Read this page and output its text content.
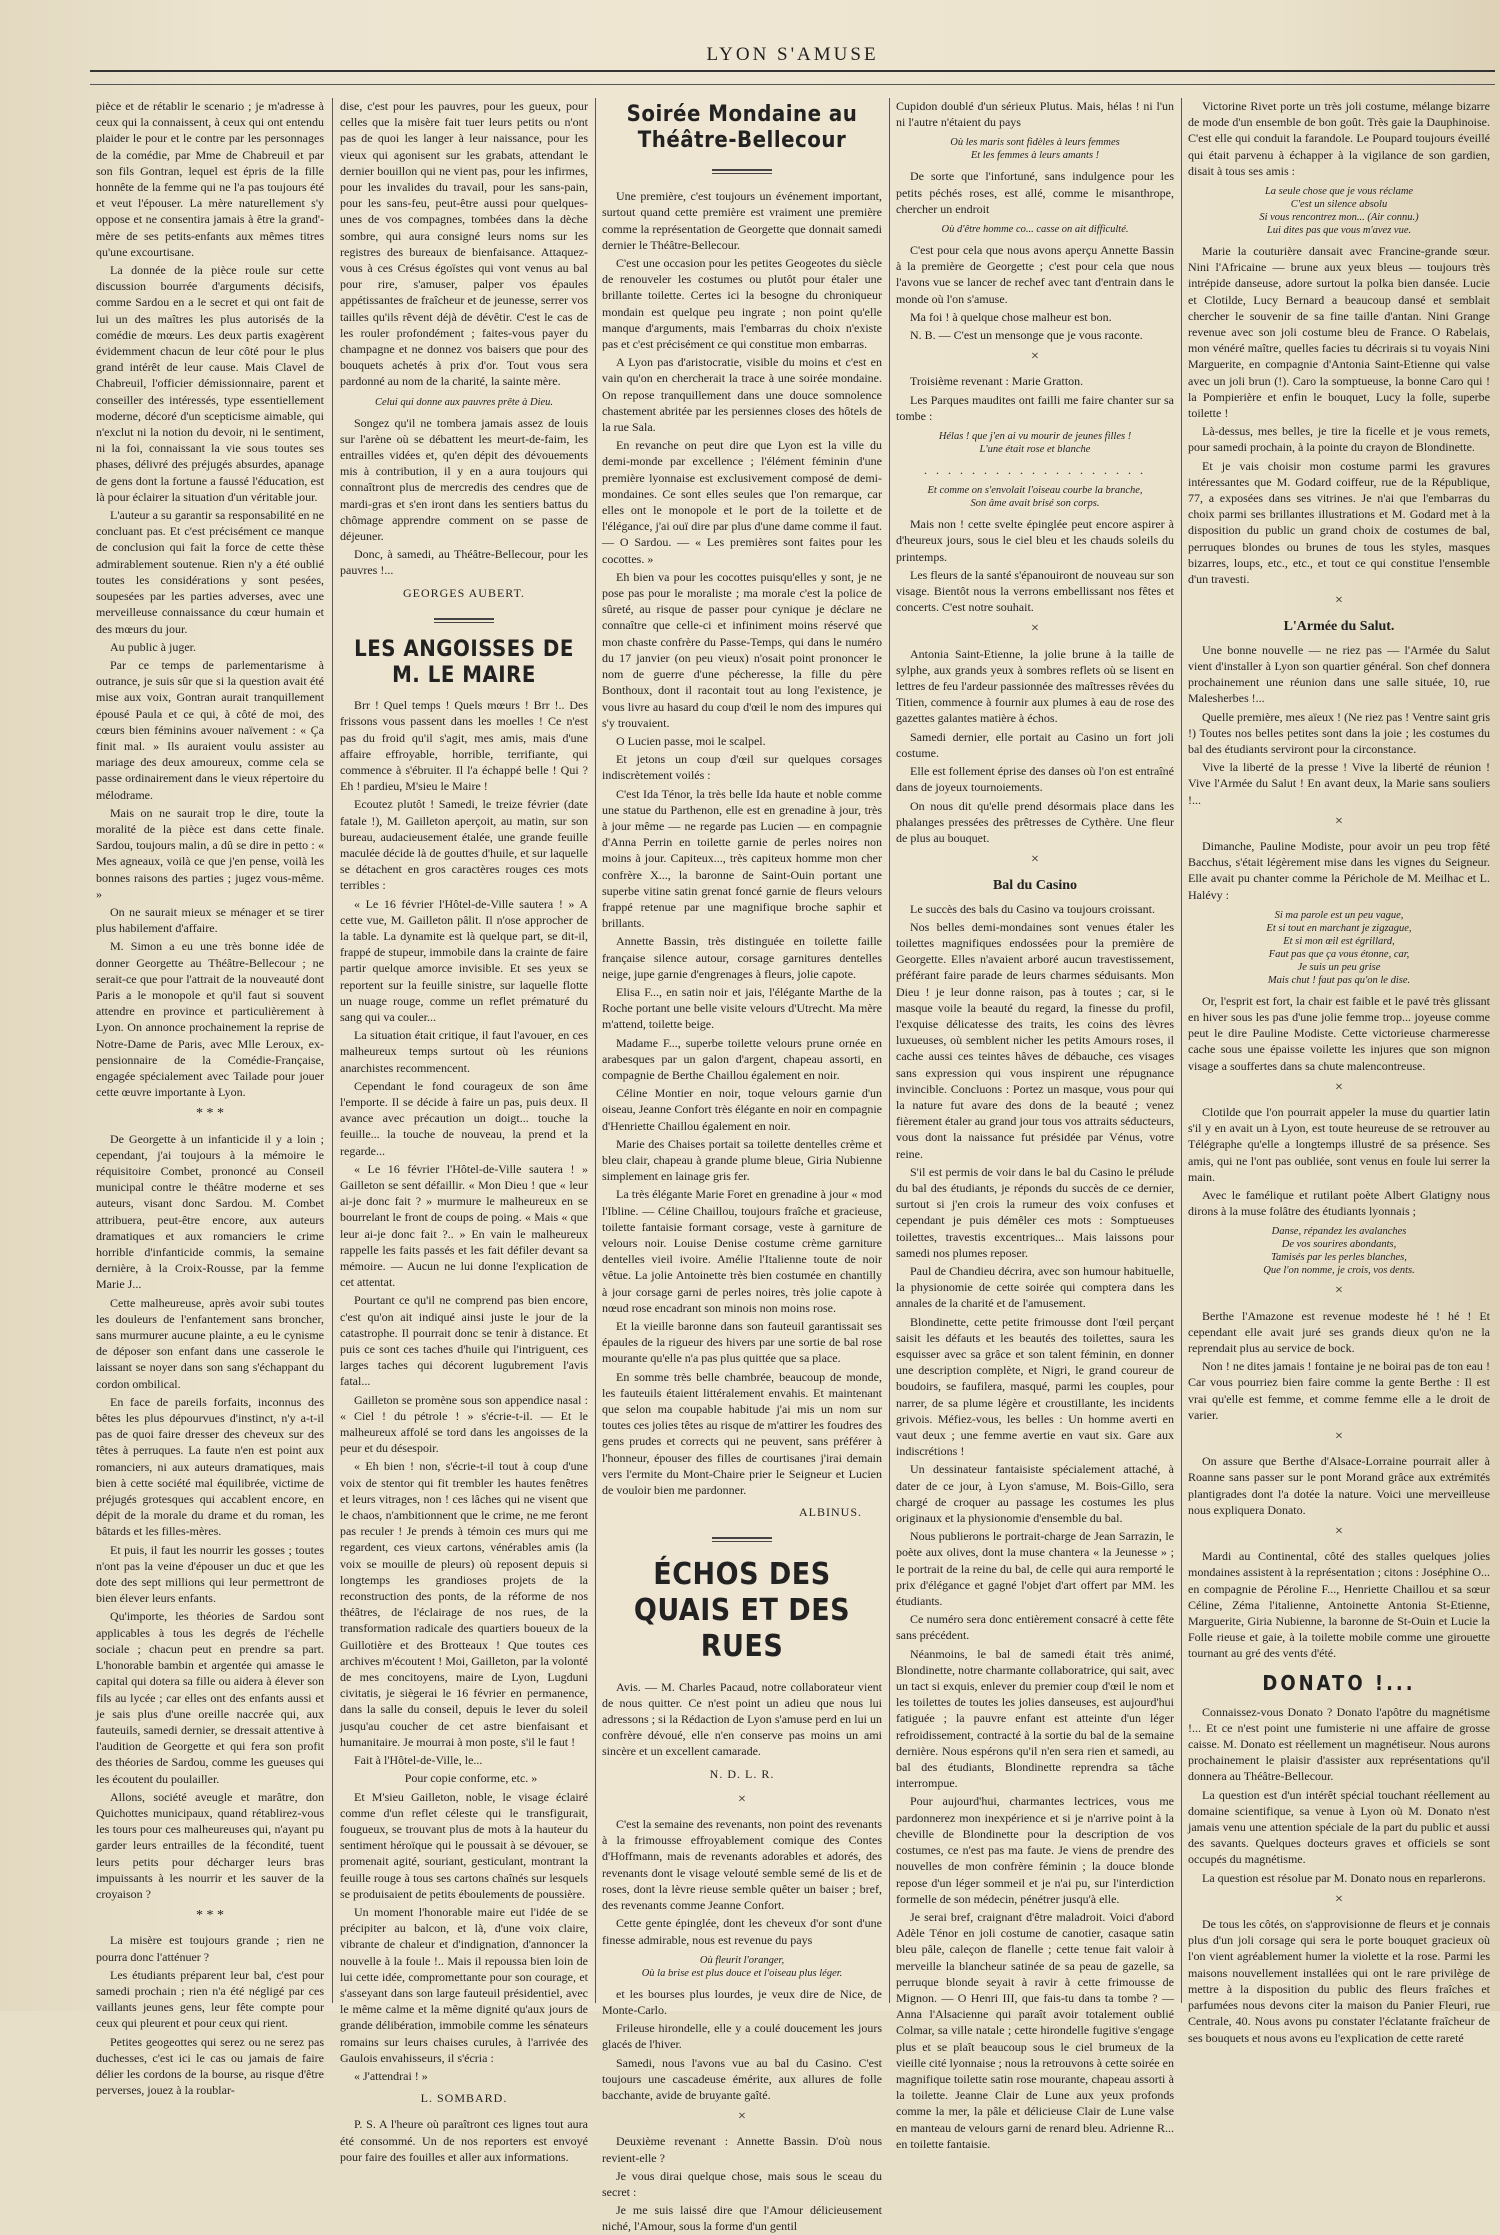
LYON S'AMUSE

pièce et de rétablir le scenario ; je m'adresse à ceux qui la connaissent, à ceux qui ont entendu plaider le pour et le contre par les personnages de la comédie, par Mme de Chabreuil et par son fils Gontran, lequel est épris de la fille honnête de la femme qui ne l'a pas toujours été et veut l'épouser. La mère naturellement s'y oppose et ne consentira jamais à être la grand'-mère de ses petits-enfants aux mêmes titres qu'une excourtisane.

La donnée de la pièce roule sur cette discussion bourrée d'arguments décisifs, comme Sardou en a le secret et qui ont fait de lui un des maîtres les plus autorisés de la comédie de mœurs. Les deux partis exagèrent évidemment chacun de leur côté pour le plus grand intérêt de leur cause. Mais Clavel de Chabreuil, l'officier démissionnaire, parent et conseiller des intéressés, type essentiellement moderne, décoré d'un scepticisme aimable, qui n'exclut ni la notion du devoir, ni le sentiment, ni la foi, connaissant la vie sous toutes ses phases, délivré des préjugés absurdes, apanage de gens dont la fortune a faussé l'éducation, est là pour éclairer la situation d'un véritable jour.

L'auteur a su garantir sa responsabilité en ne concluant pas. Et c'est précisément ce manque de conclusion qui fait la force de cette thèse admirablement soutenue. Rien n'y a été oublié toutes les considérations y sont pesées, soupesées par les parties adverses, avec une merveilleuse connaissance du cœur humain et des mœurs du jour.

Au public à juger.

Par ce temps de parlementarisme à outrance, je suis sûr que si la question avait été mise aux voix, Gontran aurait tranquillement épousé Paula et ce qui, à côté de moi, des cœurs bien féminins avouer naïvement : « Ça finit mal. » Ils auraient voulu assister au mariage des deux amoureux, comme cela se passe ordinairement dans le vieux répertoire du mélodrame.

Mais on ne saurait trop le dire, toute la moralité de la pièce est dans cette finale. Sardou, toujours malin, a dû se dire in petto : « Mes agneaux, voilà ce que j'en pense, voilà les bonnes raisons des parties ; jugez vous-même. »

On ne saurait mieux se ménager et se tirer plus habilement d'affaire.

M. Simon a eu une très bonne idée de donner Georgette au Théâtre-Bellecour ; ne serait-ce que pour l'attrait de la nouveauté dont Paris a le monopole et qu'il faut si souvent attendre en province et particulièrement à Lyon. On annonce prochainement la reprise de Notre-Dame de Paris, avec Mlle Leroux, ex-pensionnaire de la Comédie-Française, engagée spécialement avec Tailade pour jouer cette œuvre importante à Lyon.

* * *

De Georgette à un infanticide il y a loin ; cependant, j'ai toujours à la mémoire le réquisitoire Combet, prononcé au Conseil municipal contre le théâtre moderne et ses auteurs, visant donc Sardou. M. Combet attribuera, peut-être encore, aux auteurs dramatiques et aux romanciers le crime horrible d'infanticide commis, la semaine dernière, à la Croix-Rousse, par la femme Marie J...

Cette malheureuse, après avoir subi toutes les douleurs de l'enfantement sans broncher, sans murmurer aucune plainte, a eu le cynisme de déposer son enfant dans une casserole le laissant se noyer dans son sang s'échappant du cordon ombilical.

En face de pareils forfaits, inconnus des bêtes les plus dépourvues d'instinct, n'y a-t-il pas de quoi faire dresser des cheveux sur des têtes à perruques. La faute n'en est point aux romanciers, ni aux auteurs dramatiques, mais bien à cette société mal équilibrée, victime de préjugés grotesques qui accablent encore, en dépit de la morale du drame et du roman, les bâtards et les filles-mères.

Et puis, il faut les nourrir les gosses ; toutes n'ont pas la veine d'épouser un duc et que les dote des sept millions qui leur permettront de bien élever leurs enfants.

Qu'importe, les théories de Sardou sont applicables à tous les degrés de l'échelle sociale ; chacun peut en prendre sa part. L'honorable bambin et argentée qui amasse le capital qui dotera sa fille ou aidera à élever son fils au lycée ; car elles ont des enfants aussi et je sais plus d'une oreille naccrée qui, aux fauteuils, samedi dernier, se dressait attentive à l'audition de Georgette et qui fera son profit des théories de Sardou, comme les gueuses qui les écoutent du poulailler.

Allons, société aveugle et marâtre, don Quichottes municipaux, quand rétablirez-vous les tours pour ces malheureuses qui, n'ayant pu garder leurs entrailles de la fécondité, tuent leurs petits pour décharger leurs bras impuissants à les nourrir et les sauver de la croyaison ?

* * *

La misère est toujours grande ; rien ne pourra donc l'atténuer ?

Les étudiants préparent leur bal, c'est pour samedi prochain ; rien n'a été négligé par ces vaillants jeunes gens, leur fête compte pour ceux qui pleurent et pour ceux qui rient.

Petites geogeottes qui serez ou ne serez pas duchesses, c'est ici le cas ou jamais de faire délier les cordons de la bourse, au risque d'être perverses, jouez à la roublar-

dise, c'est pour les pauvres, pour les gueux, pour celles que la misère fait tuer leurs petits ou n'ont pas de quoi les langer à leur naissance, pour les vieux qui agonisent sur les grabats, attendant le dernier bouillon qui ne vient pas, pour les infirmes, pour les invalides du travail, pour les sans-pain, pour les sans-feu, peut-être aussi pour quelques-unes de vos compagnes, tombées dans la dèche sombre, qui aura consigné leurs noms sur les registres des bureaux de bienfaisance. Attaquez-vous à ces Crésus égoïstes qui vont venus au bal pour rire, s'amuser, palper vos épaules appétissantes de fraîcheur et de jeunesse, serrer vos tailles qu'ils rêvent déjà de dévêtir. C'est le cas de les rouler profondément ; faites-vous payer du champagne et ne donnez vos baisers que pour des bouquets achetés à prix d'or. Tout vous sera pardonné au nom de la charité, la sainte mère.

Celui qui donne aux pauvres prête à Dieu.

Songez qu'il ne tombera jamais assez de louis sur l'arène où se débattent les meurt-de-faim, les entrailles vidées et, qu'en dépit des dévouements mis à contribution, il y en a aura toujours qui connaîtront plus de mercredis des cendres que de mardi-gras et s'en iront dans les sentiers battus du chômage apprendre comment on se passe de déjeuner.

Donc, à samedi, au Théâtre-Bellecour, pour les pauvres !...

GEORGES AUBERT.
LES ANGOISSES DE M. LE MAIRE

Brr ! Quel temps ! Quels mœurs ! Brr !.. Des frissons vous passent dans les moelles ! Ce n'est pas du froid qu'il s'agit, mes amis, mais d'une affaire effroyable, horrible, terrifiante, qui commence à s'ébruiter. Il l'a échappé belle ! Qui ? Eh ! pardieu, M'sieu le Maire !

Ecoutez plutôt ! Samedi, le treize février (date fatale !), M. Gailleton aperçoit, au matin, sur son bureau, audacieusement étalée, une grande feuille maculée décide là de gouttes d'huile, et sur laquelle se détachent en gros caractères rouges ces mots terribles :

« Le 16 février l'Hôtel-de-Ville sautera ! » A cette vue, M. Gailleton pâlit. Il n'ose approcher de la table. La dynamite est là quelque part, se dit-il, frappé de stupeur, immobile dans la crainte de faire partir quelque amorce invisible. Et ses yeux se reportent sur la feuille sinistre, sur laquelle flotte un nuage rouge, comme un reflet prématuré du sang qui va couler...

La situation était critique, il faut l'avouer, en ces malheureux temps surtout où les réunions anarchistes recommencent.

Cependant le fond courageux de son âme l'emporte. Il se décide à faire un pas, puis deux. Il avance avec précaution un doigt... touche la feuille... la touche de nouveau, la prend et la regarde...

« Le 16 février l'Hôtel-de-Ville sautera ! » Gailleton se sent défaillir. « Mon Dieu ! que « leur ai-je donc fait ? » murmure le malheureux en se bourrelant le front de coups de poing. « Mais « que leur ai-je donc fait ?.. » En vain le malheureux rappelle les faits passés et les fait défiler devant sa mémoire. — Aucun ne lui donne l'explication de cet attentat.

Pourtant ce qu'il ne comprend pas bien encore, c'est qu'on ait indiqué ainsi juste le jour de la catastrophe. Il pourrait donc se tenir à distance. Et puis ce sont ces taches d'huile qui l'intriguent, ces larges taches qui décorent lugubrement l'avis fatal...

Gailleton se promène sous son appendice nasal : « Ciel ! du pétrole ! » s'écrie-t-il. — Et le malheureux affolé se tord dans les angoisses de la peur et du désespoir.

« Eh bien ! non, s'écrie-t-il tout à coup d'une voix de stentor qui fit trembler les hautes fenêtres et leurs vitrages, non ! ces lâches qui ne visent que le chaos, n'ambitionnent que le crime, ne me feront pas reculer ! Je prends à témoin ces murs qui me regardent, ces vieux cartons, vénérables amis (la voix se mouille de pleurs) où reposent depuis si longtemps les grandioses projets de la reconstruction des ponts, de la réforme de nos théâtres, de l'éclairage de nos rues, de la transformation radicale des quartiers boueux de la Guillotière et des Brotteaux ! Que toutes ces archives m'écoutent ! Moi, Gailleton, par la volonté de mes concitoyens, maire de Lyon, Lugduni civitatis, je siègerai le 16 février en permanence, dans la salle du conseil, depuis le lever du soleil jusqu'au coucher de cet astre bienfaisant et humanitaire. Je mourrai à mon poste, s'il le faut !

Fait à l'Hôtel-de-Ville, le...

Pour copie conforme, etc. »

Et M'sieu Gailleton, noble, le visage éclairé comme d'un reflet céleste qui le transfigurait, fougueux, se trouvant plus de mots à la hauteur du sentiment héroïque qui le poussait à se dévouer, se promenait agité, souriant, gesticulant, montrant la feuille rouge à tous ses cartons chaînés sur lesquels se produisaient de petits éboulements de poussière.

Un moment l'honorable maire eut l'idée de se précipiter au balcon, et là, d'une voix claire, vibrante de chaleur et d'indignation, d'annoncer la nouvelle à la foule !.. Mais il repoussa bien loin de lui cette idée, compromettante pour son courage, et s'asseyant dans son large fauteuil présidentiel, avec le même calme et la même dignité qu'aux jours de grande délibération, immobile comme les sénateurs romains sur leurs chaises curules, à l'arrivée des Gaulois envahisseurs, il s'écria :

« J'attendrai ! »

L. SOMBARD.

P. S. A l'heure où paraîtront ces lignes tout aura été consommé. Un de nos reporters est envoyé pour faire des fouilles et aller aux informations.

Soirée Mondaine au Théâtre-Bellecour

Une première, c'est toujours un événement important, surtout quand cette première est vraiment une première comme la représentation de Georgette que donnait samedi dernier le Théâtre-Bellecour.

C'est une occasion pour les petites Geogeotes du siècle de renouveler les costumes ou plutôt pour étaler une brillante toilette. Certes ici la besogne du chroniqueur mondain est quelque peu ingrate ; non point qu'elle manque d'arguments, mais l'embarras du choix n'existe pas et c'est précisément ce qui constitue mon embarras.

A Lyon pas d'aristocratie, visible du moins et c'est en vain qu'on en chercherait la trace à une soirée mondaine. On repose tranquillement dans une douce somnolence chastement abritée par les persiennes closes des hôtels de la rue Sala.

En revanche on peut dire que Lyon est la ville du demi-monde par excellence ; l'élément féminin d'une première lyonnaise est exclusivement composé de demi-mondaines. Ce sont elles seules que l'on remarque, car elles ont le monopole et le port de la toilette et de l'élégance, j'ai ouï dire par plus d'une dame comme il faut. — O Sardou. — « Les premières sont faites pour les cocottes. »

Eh bien va pour les cocottes puisqu'elles y sont, je ne pose pas pour le moraliste ; ma morale c'est la police de sûreté, au risque de passer pour cynique je déclare ne connaître que celle-ci et infiniment moins réservé que mon chaste confrère du Passe-Temps, qui dans le numéro du 17 janvier (on peu vieux) n'osait point prononcer le nom de guerre d'une pécheresse, la fille du père Bonthoux, dont il racontait tout au long l'existence, je vous livre au hasard du coup d'œil le nom des impures qui s'y trouvaient.

O Lucien passe, moi le scalpel.

Et jetons un coup d'œil sur quelques corsages indiscrètement voilés :

C'est Ida Ténor, la très belle Ida haute et noble comme une statue du Parthenon, elle est en grenadine à jour, très à jour même — ne regarde pas Lucien — en compagnie d'Anna Perrin en toilette garnie de perles noires non moins à jour. Capiteux..., très capiteux homme mon cher confrère X..., la baronne de Saint-Ouin portant une superbe vitine satin grenat foncé garnie de fleurs velours frappé retenue par une magnifique broche saphir et brillants.

Annette Bassin, très distinguée en toilette faille française silence autour, corsage garnitures dentelles neige, jupe garnie d'engrenages à fleurs, jolie capote.

Elisa F..., en satin noir et jais, l'élégante Marthe de la Roche portant une belle visite velours d'Utrecht. Ma mère m'attend, toilette beige.

Madame F..., superbe toilette velours prune ornée en arabesques par un galon d'argent, chapeau assorti, en compagnie de Berthe Chaillou également en noir.

Céline Montier en noir, toque velours garnie d'un oiseau, Jeanne Confort très élégante en noir en compagnie d'Henriette Chaillou également en noir.

Marie des Chaises portait sa toilette dentelles crème et bleu clair, chapeau à grande plume bleue, Giria Nubienne simplement en lainage gris fer.

La très élégante Marie Foret en grenadine à jour « mod l'Ibline. — Céline Chaillou, toujours fraîche et gracieuse, toilette fantaisie formant corsage, veste à garniture de velours noir. Louise Denise costume crème garniture dentelles vieil ivoire. Amélie l'Italienne toute de noir vêtue. La jolie Antoinette très bien costumée en chantilly à jour corsage garni de perles noires, très jolie capote à nœud rose encadrant son minois non moins rose.

Et la vieille baronne dans son fauteuil garantissait ses épaules de la rigueur des hivers par une sortie de bal rose mourante qu'elle n'a pas plus quittée que sa place.

En somme très belle chambrée, beaucoup de monde, les fauteuils étaient littéralement envahis. Et maintenant que selon ma coupable habitude j'ai mis un nom sur toutes ces jolies têtes au risque de m'attirer les foudres des gens prudes et corrects qui ne peuvent, sans préférer à l'honneur, épouser des filles de courtisanes j'irai demain vers l'ermite du Mont-Chaire prier le Seigneur et Lucien de vouloir bien me pardonner.

ALBINUS.
ÉCHOS DES QUAIS ET DES RUES

Avis. — M. Charles Pacaud, notre collaborateur vient de nous quitter. Ce n'est point un adieu que nous lui adressons ; si la Rédaction de Lyon s'amuse perd en lui un confrère dévoué, elle n'en conserve pas moins un ami sincère et un excellent camarade.

N. D. L. R.
×

C'est la semaine des revenants, non point des revenants à la frimousse effroyablement comique des Contes d'Hoffmann, mais de revenants adorables et adorés, des revenants dont le visage velouté semble semé de lis et de roses, dont la lèvre rieuse semble quêter un baiser ; bref, des revenants comme Jeanne Confort.

Cette gente épinglée, dont les cheveux d'or sont d'une finesse admirable, nous est revenue du pays

Où fleurit l'oranger,
Où la brise est plus douce et l'oiseau plus léger.

et les bourses plus lourdes, je veux dire de Nice, de Monte-Carlo.

Frileuse hirondelle, elle y a coulé doucement les jours glacés de l'hiver.

Samedi, nous l'avons vue au bal du Casino. C'est toujours une cascadeuse émérite, aux allures de folle bacchante, avide de bruyante gaîté.

×

Deuxième revenant : Annette Bassin. D'où nous revient-elle ?

Je vous dirai quelque chose, mais sous le sceau du secret :

Je me suis laissé dire que l'Amour délicieusement niché, l'Amour, sous la forme d'un gentil

Cupidon doublé d'un sérieux Plutus. Mais, hélas ! ni l'un ni l'autre n'étaient du pays

Où les maris sont fidèles à leurs femmes
Et les femmes à leurs amants !

De sorte que l'infortuné, sans indulgence pour les petits péchés roses, est allé, comme le misanthrope, chercher un endroit

Où d'être homme co... casse on ait difficulté.

C'est pour cela que nous avons aperçu Annette Bassin à la première de Georgette ; c'est pour cela que nous l'avons vue se lancer de rechef avec tant d'entrain dans le monde où l'on s'amuse.

Ma foi ! à quelque chose malheur est bon.

N. B. — C'est un mensonge que je vous raconte.

×

Troisième revenant : Marie Gratton.

Les Parques maudites ont failli me faire chanter sur sa tombe :

Hélas ! que j'en ai vu mourir de jeunes filles !
L'une était rose et blanche
. . . . . . . . . . . . . . . . . . .
Et comme on s'envolait l'oiseau courbe la branche,
Son âme avait brisé son corps.

Mais non ! cette svelte épinglée peut encore aspirer à d'heureux jours, sous le ciel bleu et les chauds soleils du printemps.

Les fleurs de la santé s'épanouiront de nouveau sur son visage. Bientôt nous la verrons embellissant nos fêtes et concerts. C'est notre souhait.

×

Antonia Saint-Etienne, la jolie brune à la taille de sylphe, aux grands yeux à sombres reflets où se lisent en lettres de feu l'ardeur passionnée des maîtresses rêvées du Titien, commence à fournir aux plumes à eau de rose des gazettes galantes matière à échos.

Samedi dernier, elle portait au Casino un fort joli costume.

Elle est follement éprise des danses où l'on est entraîné dans de joyeux tournoiements.

On nous dit qu'elle prend désormais place dans les phalanges pressées des prêtresses de Cythère. Une fleur de plus au bouquet.

×
Bal du Casino

Le succès des bals du Casino va toujours croissant.

Nos belles demi-mondaines sont venues étaler les toilettes magnifiques endossées pour la première de Georgette. Elles n'avaient arboré aucun travestissement, préférant faire parade de leurs charmes séduisants. Mon Dieu ! je leur donne raison, pas à toutes ; car, si le masque voile la beauté du regard, la finesse du profil, l'exquise délicatesse des traits, les coins des lèvres luxueuses, où semblent nicher les petits Amours roses, il cache aussi ces teintes hâves de débauche, ces visages sans expression qui vous inspirent une répugnance invincible. Concluons : Portez un masque, vous pour qui la nature fut avare des dons de la beauté ; venez fièrement étaler au grand jour tous vos attraits séducteurs, vous dont la naissance fut présidée par Vénus, votre reine.

S'il est permis de voir dans le bal du Casino le prélude du bal des étudiants, je réponds du succès de ce dernier, surtout si j'en crois la rumeur des voix confuses et cependant je puis démêler ces mots : Somptueuses toilettes, travestis excentriques... Mais laissons pour samedi nos plumes reposer.

Paul de Chandieu décrira, avec son humour habituelle, la physionomie de cette soirée qui comptera dans les annales de la charité et de l'amusement.

Blondinette, cette petite frimousse dont l'œil perçant saisit les défauts et les beautés des toilettes, saura les esquisser avec sa grâce et son talent féminin, en donner une description complète, et Nigri, le grand coureur de boudoirs, se faufilera, masqué, parmi les couples, pour narrer, de sa plume légère et croustillante, les incidents grivois. Méfiez-vous, les belles : Un homme averti en vaut deux ; une femme avertie en vaut six. Gare aux indiscrétions !

Un dessinateur fantaisiste spécialement attaché, à dater de ce jour, à Lyon s'amuse, M. Bois-Gillo, sera chargé de croquer au passage les costumes les plus originaux et la physionomie d'ensemble du bal.

Nous publierons le portrait-charge de Jean Sarrazin, le poète aux olives, dont la muse chantera « la Jeunesse » ; le portrait de la reine du bal, de celle qui aura remporté le prix d'élégance et gagné l'objet d'art offert par MM. les étudiants.

Ce numéro sera donc entièrement consacré à cette fête sans précédent.

Néanmoins, le bal de samedi était très animé, Blondinette, notre charmante collaboratrice, qui sait, avec un tact si exquis, enlever du premier coup d'œil le nom et les toilettes de toutes les jolies danseuses, est aujourd'hui fatiguée ; la pauvre enfant est atteinte d'un léger refroidissement, contracté à la sortie du bal de la semaine dernière. Nous espérons qu'il n'en sera rien et samedi, au bal des étudiants, Blondinette reprendra sa tâche interrompue.

Pour aujourd'hui, charmantes lectrices, vous me pardonnerez mon inexpérience et si je n'arrive point à la cheville de Blondinette pour la description de vos costumes, ce n'est pas ma faute. Je viens de prendre des nouvelles de mon confrère féminin ; la douce blonde repose d'un léger sommeil et je n'ai pu, sur l'interdiction formelle de son médecin, pénétrer jusqu'à elle.

Je serai bref, craignant d'être maladroit. Voici d'abord Adèle Ténor en joli costume de canotier, casaque satin bleu pâle, caleçon de flanelle ; cette tenue fait valoir à merveille la blancheur satinée de sa peau de gazelle, sa perruque blonde seyait à ravir à cette frimousse de Mignon. — O Henri III, que fais-tu dans ta tombe ? — Anna l'Alsacienne qui paraît avoir totalement oublié Colmar, sa ville natale ; cette hirondelle fugitive s'engage plus et se plaît beaucoup sous le ciel brumeux de la vieille cité lyonnaise ; nous la retrouvons à cette soirée en magnifique toilette satin rose mourante, chapeau assorti à la toilette. Jeanne Clair de Lune aux yeux profonds comme la mer, la pâle et délicieuse Clair de Lune valse en manteau de velours garni de renard bleu. Adrienne R... en toilette fantaisie.

Victorine Rivet porte un très joli costume, mélange bizarre de mode d'un ensemble de bon goût. Très gaie la Dauphinoise. C'est elle qui conduit la farandole. Le Poupard toujours éveillé qui était parvenu à échapper à la vigilance de son gardien, disait à tous ses amis :

La seule chose que je vous réclame
C'est un silence absolu
Si vous rencontrez mon... (Air connu.)
Lui dites pas que vous m'avez vue.

Marie la couturière dansait avec Francine-grande sœur. Nini l'Africaine — brune aux yeux bleus — toujours très intrépide danseuse, adore surtout la polka bien dansée. Lucie et Clotilde, Lucy Bernard a beaucoup dansé et semblait chercher le souvenir de sa fine taille d'antan. Nini Grange revenue avec son joli costume bleu de France. O Rabelais, mon vénéré maître, quelles facies tu décrirais si tu voyais Nini Marguerite, en compagnie d'Antonia Saint-Etienne qui valse avec un joli brun (!). Caro la somptueuse, la bonne Caro qui ! la Pompierière et enfin le bouquet, Lucy la folle, superbe toilette !

Là-dessus, mes belles, je tire la ficelle et je vous remets, pour samedi prochain, à la pointe du crayon de Blondinette.

Et je vais choisir mon costume parmi les gravures intéressantes que M. Godard coiffeur, rue de la République, 77, a exposées dans ses vitrines. Je n'ai que l'embarras du choix parmi ses brillantes illustrations et M. Godard met à la disposition du public un grand choix de costumes de bal, perruques blondes ou brunes de tous les styles, masques bizarres, loups, etc., etc., et tout ce qui constitue l'ensemble d'un travesti.

×
L'Armée du Salut.

Une bonne nouvelle — ne riez pas — l'Armée du Salut vient d'installer à Lyon son quartier général. Son chef donnera prochainement une réunion dans une salle située, 10, rue Malesherbes !...

Quelle première, mes aïeux ! (Ne riez pas ! Ventre saint gris !) Toutes nos belles petites sont dans la joie ; les costumes du bal des étudiants serviront pour la circonstance.

Vive la liberté de la presse ! Vive la liberté de réunion ! Vive l'Armée du Salut ! En avant deux, la Marie sans souliers !...

×

Dimanche, Pauline Modiste, pour avoir un peu trop fêté Bacchus, s'était légèrement mise dans les vignes du Seigneur. Elle avait pu chanter comme la Périchole de M. Meilhac et L. Halévy :

Si ma parole est un peu vague,
Et si tout en marchant je zigzague,
Et si mon œil est égrillard,
Faut pas que ça vous étonne, car,
Je suis un peu grise
Mais chut ! faut pas qu'on le dise.

Or, l'esprit est fort, la chair est faible et le pavé très glissant en hiver sous les pas d'une jolie femme trop... joyeuse comme peut le dire Pauline Modiste. Cette victorieuse charmeresse cache sous une épaisse voilette les injures que son mignon visage a souffertes dans sa chute malencontreuse.

×

Clotilde que l'on pourrait appeler la muse du quartier latin s'il y en avait un à Lyon, est toute heureuse de se retrouver au Télégraphe qu'elle a longtemps illustré de sa présence. Ses amis, qui ne l'ont pas oubliée, sont venus en foule lui serrer la main.

Avec le famélique et rutilant poète Albert Glatigny nous dirons à la muse folâtre des étudiants lyonnais ;

Danse, répandez les avalanches
De vos sourires abondants,
Tamisés par les perles blanches,
Que l'on nomme, je crois, vos dents.
×

Berthe l'Amazone est revenue modeste hé ! hé ! Et cependant elle avait juré ses grands dieux qu'on ne la reprendait plus au service de bock.

Non ! ne dites jamais ! fontaine je ne boirai pas de ton eau ! Car vous pourriez bien faire comme la gente Berthe : Il est vrai qu'elle est femme, et comme femme elle a le droit de varier.

×

On assure que Berthe d'Alsace-Lorraine pourrait aller à Roanne sans passer sur le pont Morand grâce aux extrémités plantigrades dont l'a dotée la nature. Voici une merveilleuse nous expliquera Donato.

×

Mardi au Continental, côté des stalles quelques jolies mondaines assistent à la représentation ; citons : Joséphine O... en compagnie de Péroline F..., Henriette Chaillou et sa sœur Céline, Zéma l'italienne, Antoinette Antonia St-Etienne, Marguerite, Giria Nubienne, la baronne de St-Ouin et Lucie la Folle rieuse et gaie, à la toilette mobile comme une girouette tournant au gré des vents d'été.

DONATO !...

Connaissez-vous Donato ? Donato l'apôtre du magnétisme !... Et ce n'est point une fumisterie ni une affaire de grosse caisse. M. Donato est réellement un magnétiseur. Nous aurons prochainement le plaisir d'assister aux représentations qu'il donnera au Théâtre-Bellecour.

La question est d'un intérêt spécial touchant réellement au domaine scientifique, sa venue à Lyon où M. Donato n'est jamais venu une attention spéciale de la part du public et aussi des savants. Quelques docteurs graves et officiels se sont occupés du magnétisme.

La question est résolue par M. Donato nous en reparlerons.

×

De tous les côtés, on s'approvisionne de fleurs et je connais plus d'un joli corsage qui sera le porte bouquet gracieux où l'on vient agréablement humer la violette et la rose. Parmi les maisons nouvellement installées qui ont le rare privilège de mettre à la disposition du public des fleurs fraîches et parfumées nous devons citer la maison du Panier Fleuri, rue Centrale, 40. Nous avons pu constater l'éclatante fraîcheur de ses bouquets et nous avons eu l'explication de cette rareté
